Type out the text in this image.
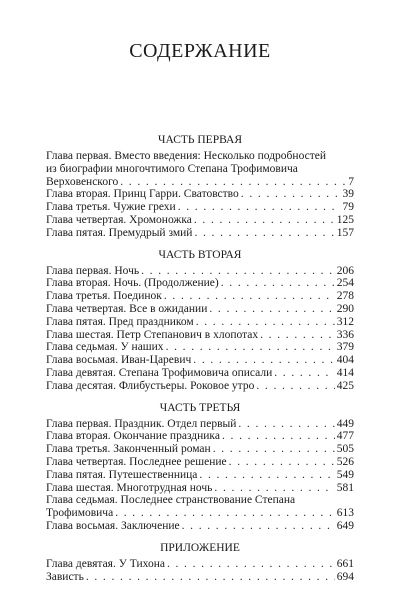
СОДЕРЖАНИЕ
ЧАСТЬ ПЕРВАЯ
Глава первая. Вместо введения: Несколько подробностей
из биографии многочтимого Степана Трофимовича
Верховенского . . .	7
Глава вторая. Принц Гарри. Сватовство . . .	39
Глава третья. Чужие грехи . . .	79
Глава четвертая. Хромоножка . . .	125
Глава пятая. Премудрый змий . . .	157
ЧАСТЬ ВТОРАЯ
Глава первая. Ночь . . .	206
Глава вторая. Ночь. (Продолжение) . . .	254
Глава третья. Поединок . . .	278
Глава четвертая. Все в ожидании . . .	290
Глава пятая. Пред праздником . . .	312
Глава шестая. Петр Степанович в хлопотах . . .	336
Глава седьмая. У наших . . .	379
Глава восьмая. Иван-Царевич . . .	404
Глава девятая. Степана Трофимовича описали . . .	414
Глава десятая. Флибустьеры. Роковое утро . . .	425
ЧАСТЬ ТРЕТЬЯ
Глава первая. Праздник. Отдел первый . . .	449
Глава вторая. Окончание праздника . . .	477
Глава третья. Законченный роман . . .	505
Глава четвертая. Последнее решение . . .	526
Глава пятая. Путешественница . . .	549
Глава шестая. Многотрудная ночь . . .	581
Глава седьмая. Последнее странствование Степана
Трофимовича . . .	613
Глава восьмая. Заключение . . .	649
ПРИЛОЖЕНИЕ
Глава девятая. У Тихона . . .	661
Зависть . . .	694
